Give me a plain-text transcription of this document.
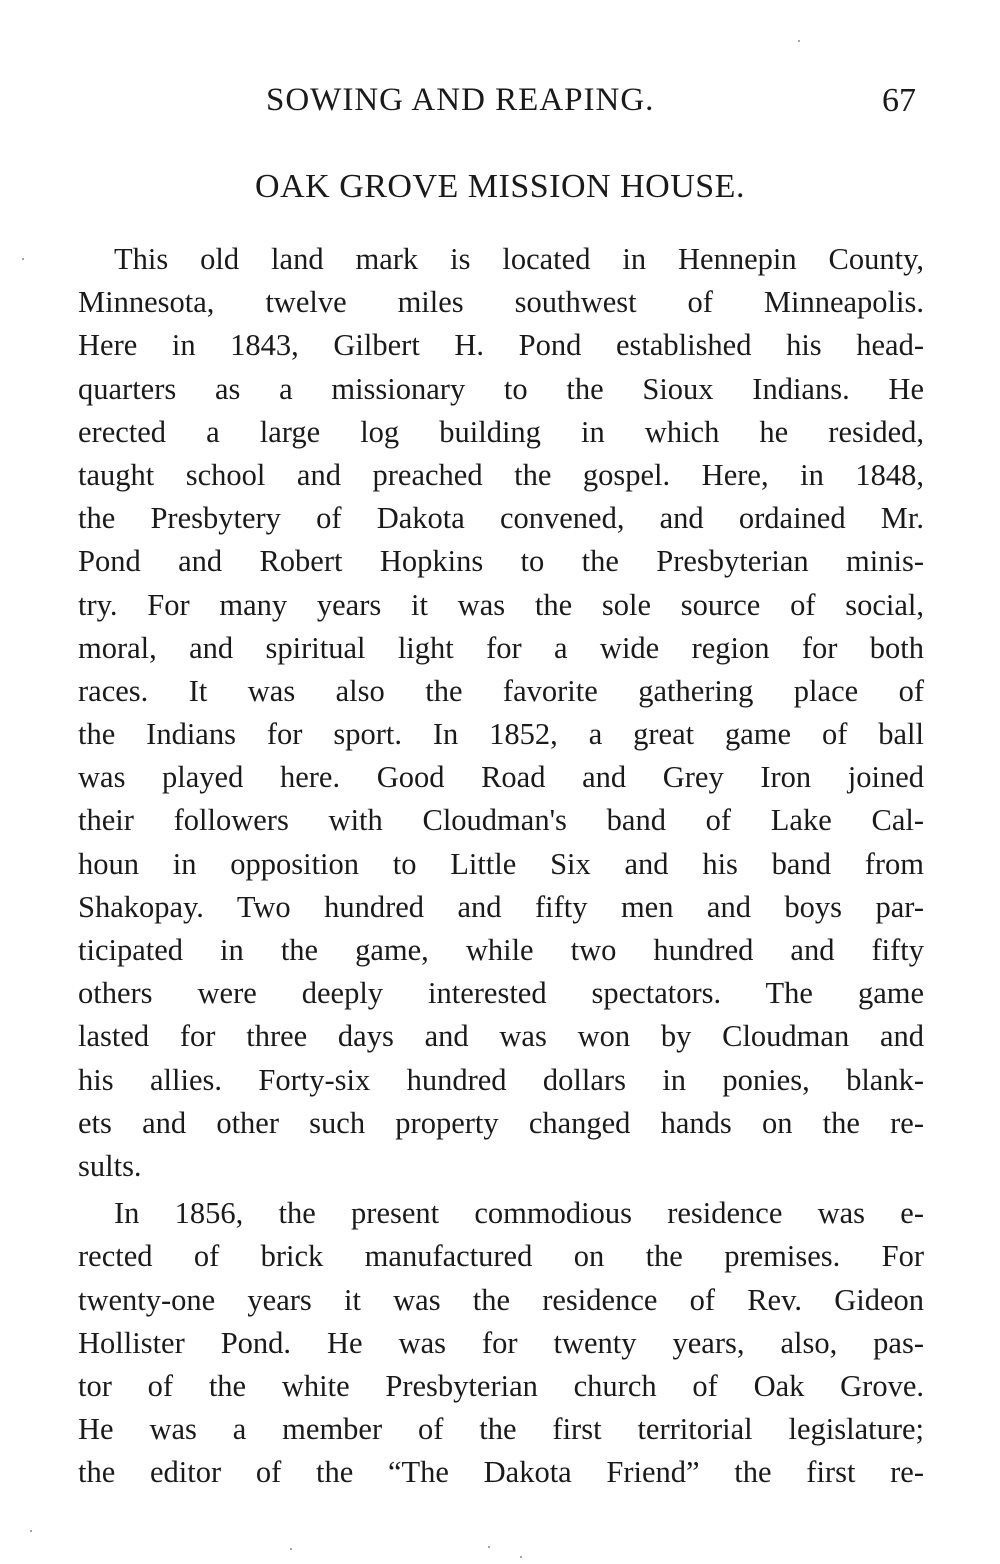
SOWING AND REAPING.	67
OAK GROVE MISSION HOUSE.
This old land mark is located in Hennepin County,
Minnesota, twelve miles southwest of Minneapolis.
Here in 1843, Gilbert H. Pond established his head-
quarters as a missionary to the Sioux Indians. He
erected a large log building in which he resided,
taught school and preached the gospel. Here, in 1848,
the Presbytery of Dakota convened, and ordained Mr.
Pond and Robert Hopkins to the Presbyterian minis-
try. For many years it was the sole source of social,
moral, and spiritual light for a wide region for both
races. It was also the favorite gathering place of
the Indians for sport. In 1852, a great game of ball
was played here. Good Road and Grey Iron joined
their followers with Cloudman's band of Lake Cal-
houn in opposition to Little Six and his band from
Shakopay. Two hundred and fifty men and boys par-
ticipated in the game, while two hundred and fifty
others were deeply interested spectators. The game
lasted for three days and was won by Cloudman and
his allies. Forty-six hundred dollars in ponies, blank-
ets and other such property changed hands on the re-
sults.
In 1856, the present commodious residence was e-
rected of brick manufactured on the premises. For
twenty-one years it was the residence of Rev. Gideon
Hollister Pond. He was for twenty years, also, pas-
tor of the white Presbyterian church of Oak Grove.
He was a member of the first territorial legislature;
the editor of the “The Dakota Friend” the first re-
